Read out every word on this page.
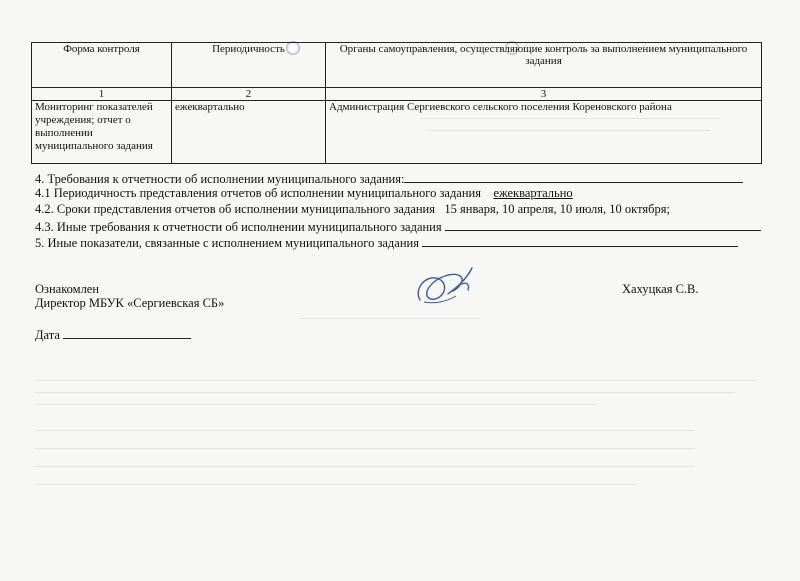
Форма контроля	Периодичность	Органы самоуправления, осуществляющие контроль за выполнением муниципального задания
1	2	3
Мониторинг показателей учреждения; отчет о выполнении муниципального задания	ежеквартально	Администрация Сергиевского сельского поселения Кореновского района
4. Требования к отчетности об исполнении муниципального задания:
4.1 Периодичность представления отчетов об исполнении муниципального задания ежеквартально
4.2. Сроки представления отчетов об исполнении муниципального задания 15 января, 10 апреля, 10 июля, 10 октября;
4.3. Иные требования к отчетности об исполнении муниципального задания
5. Иные показатели, связанные с исполнением муниципального задания
Ознакомлен
Директор МБУК «Сергиевская СБ»
Хахуцкая С.В.
Дата
